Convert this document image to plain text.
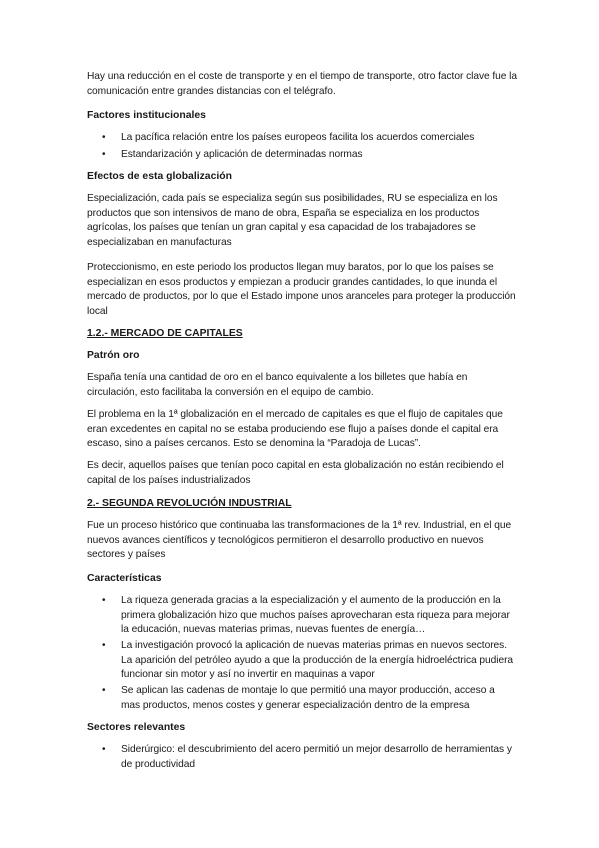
Hay una reducción en el coste de transporte y en el tiempo de transporte, otro factor clave fue la comunicación entre grandes distancias con el telégrafo.
Factores institucionales
• La pacífica relación entre los países europeos facilita los acuerdos comerciales
• Estandarización y aplicación de determinadas normas
Efectos de esta globalización
Especialización, cada país se especializa según sus posibilidades, RU se especializa en los productos que son intensivos de mano de obra, España se especializa en los productos agrícolas, los países que tenían un gran capital y esa capacidad de los trabajadores se especializaban en manufacturas
Proteccionismo, en este periodo los productos llegan muy baratos, por lo que los países se especializan en esos productos y empiezan a producir grandes cantidades, lo que inunda el mercado de productos, por lo que el Estado impone unos aranceles para proteger la producción local
1.2.- MERCADO DE CAPITALES
Patrón oro
España tenía una cantidad de oro en el banco equivalente a los billetes que había en circulación, esto facilitaba la conversión en el equipo de cambio.
El problema en la 1ª globalización en el mercado de capitales es que el flujo de capitales que eran excedentes en capital no se estaba produciendo ese flujo a países donde el capital era escaso, sino a países cercanos. Esto se denomina la “Paradoja de Lucas”.
Es decir, aquellos países que tenían poco capital en esta globalización no están recibiendo el capital de los países industrializados
2.- SEGUNDA REVOLUCIÓN INDUSTRIAL
Fue un proceso histórico que continuaba las transformaciones de la 1ª rev. Industrial, en el que nuevos avances científicos y tecnológicos permitieron el desarrollo productivo en nuevos sectores y países
Características
• La riqueza generada gracias a la especialización y el aumento de la producción en la primera globalización hizo que muchos países aprovecharan esta riqueza para mejorar la educación, nuevas materias primas, nuevas fuentes de energía…
• La investigación provocó la aplicación de nuevas materias primas en nuevos sectores. La aparición del petróleo ayudo a que la producción de la energía hidroeléctrica pudiera funcionar sin motor y así no invertir en maquinas a vapor
• Se aplican las cadenas de montaje lo que permitió una mayor producción, acceso a mas productos, menos costes y generar especialización dentro de la empresa
Sectores relevantes
• Siderúrgico: el descubrimiento del acero permitió un mejor desarrollo de herramientas y de productividad
